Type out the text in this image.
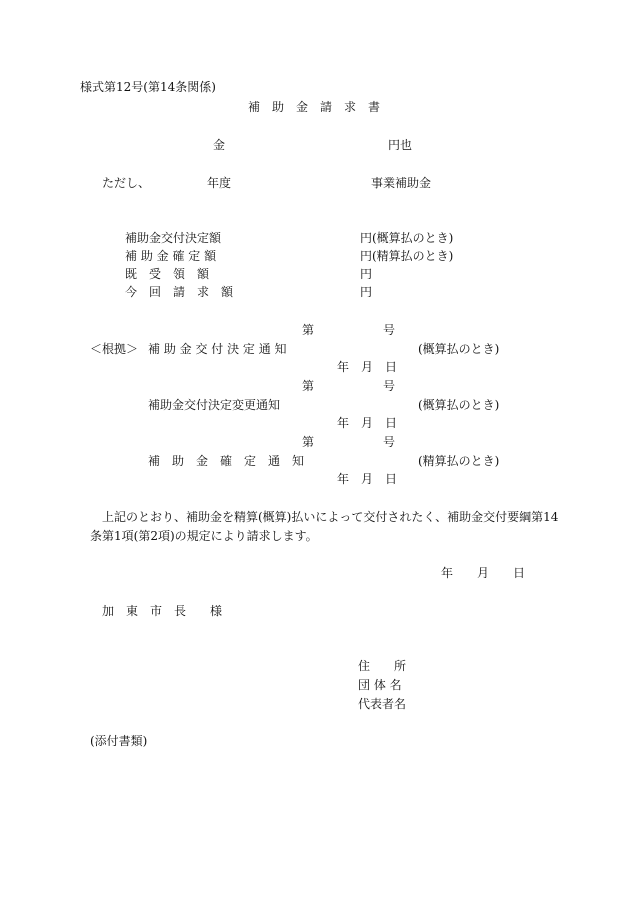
様式第12号(第14条関係)
補　助　金　請　求　書
金	円也
ただし、	年度	事業補助金
補助金交付決定額	円(概算払のとき)
補 助 金 確 定 額	円(精算払のとき)
既　受　領　額	円
今　回　請　求　額	円
＜根拠＞
第	号
補 助 金 交 付 決 定 通 知	(概算払のとき)
年　月　日
第	号
補助金交付決定変更通知	(概算払のとき)
年　月　日
第	号
補　助　金　確　定　通　知	(精算払のとき)
年　月　日
上記のとおり、補助金を精算(概算)払いによって交付されたく、補助金交付要綱第14
条第1項(第2項)の規定により請求します。
年　　月　　日
加　東　市　長　　様
住　　所
団 体 名
代表者名
(添付書類)
